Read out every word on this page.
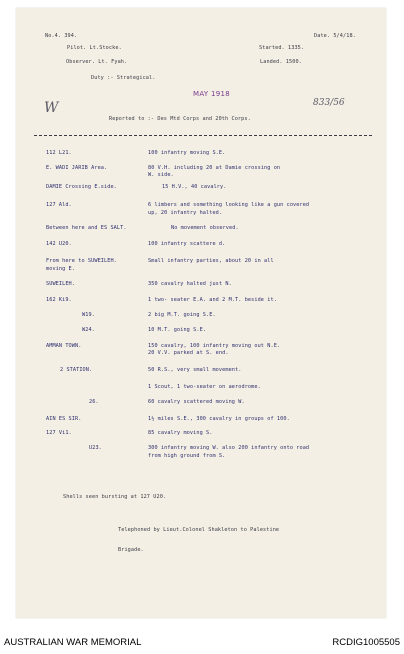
No.4. 394.	Date. 5/4/18.
Pilot. Lt.Stocke.	Started. 1335.
Observer. Lt. Fyah.	Landed. 1500.
Duty :- Strategical.
MAY 1918
W	833/56
Reported to :- Des Mtd Corps and 20th Corps.
112 L21.	100 infantry moving S.E.
E. WADI JARIB Area.	80 V.H. including 20 at Damie crossing on
W. side.
DAMIE Crossing E.side.	15 H.V., 40 cavalry.
127 Ald.	6 limbers and something looking like a gun covered
up, 20 infantry halted.
Between here and ES SALT.	No movement observed.
142 U20.	100 infantry scattere d.
From here to SUWEILEH.	Small infantry parties, about 20 in all
moving E.
SUWEILEH.	350 cavalry halted just N.
162 Ki9.	1 two- seater E.A. and 2 M.T. beside it.
W19.	2 big M.T. going S.E.
W24.	10 M.T. going S.E.
AMMAN TOWN.	150 cavalry, 100 infantry moving out N.E.
20 V.V. parked at S. end.
2 STATION.	50 R.S., very small movement.
1 Scout, 1 two-seater on aerodrome.
26.	60 cavalry scattered moving W.
AIN ES SIR.	1½ miles S.E., 300 cavalry in groups of 100.
127 Vi1.	85 cavalry moving S.
U23.	300 infantry moving W. also 200 infantry onto road
from high ground from S.
Shells seen bursting at 127 U20.
Telephoned by Lieut.Colonel Shakleton to Palestine
Brigade.
AUSTRALIAN WAR MEMORIAL	RCDIG1005505
